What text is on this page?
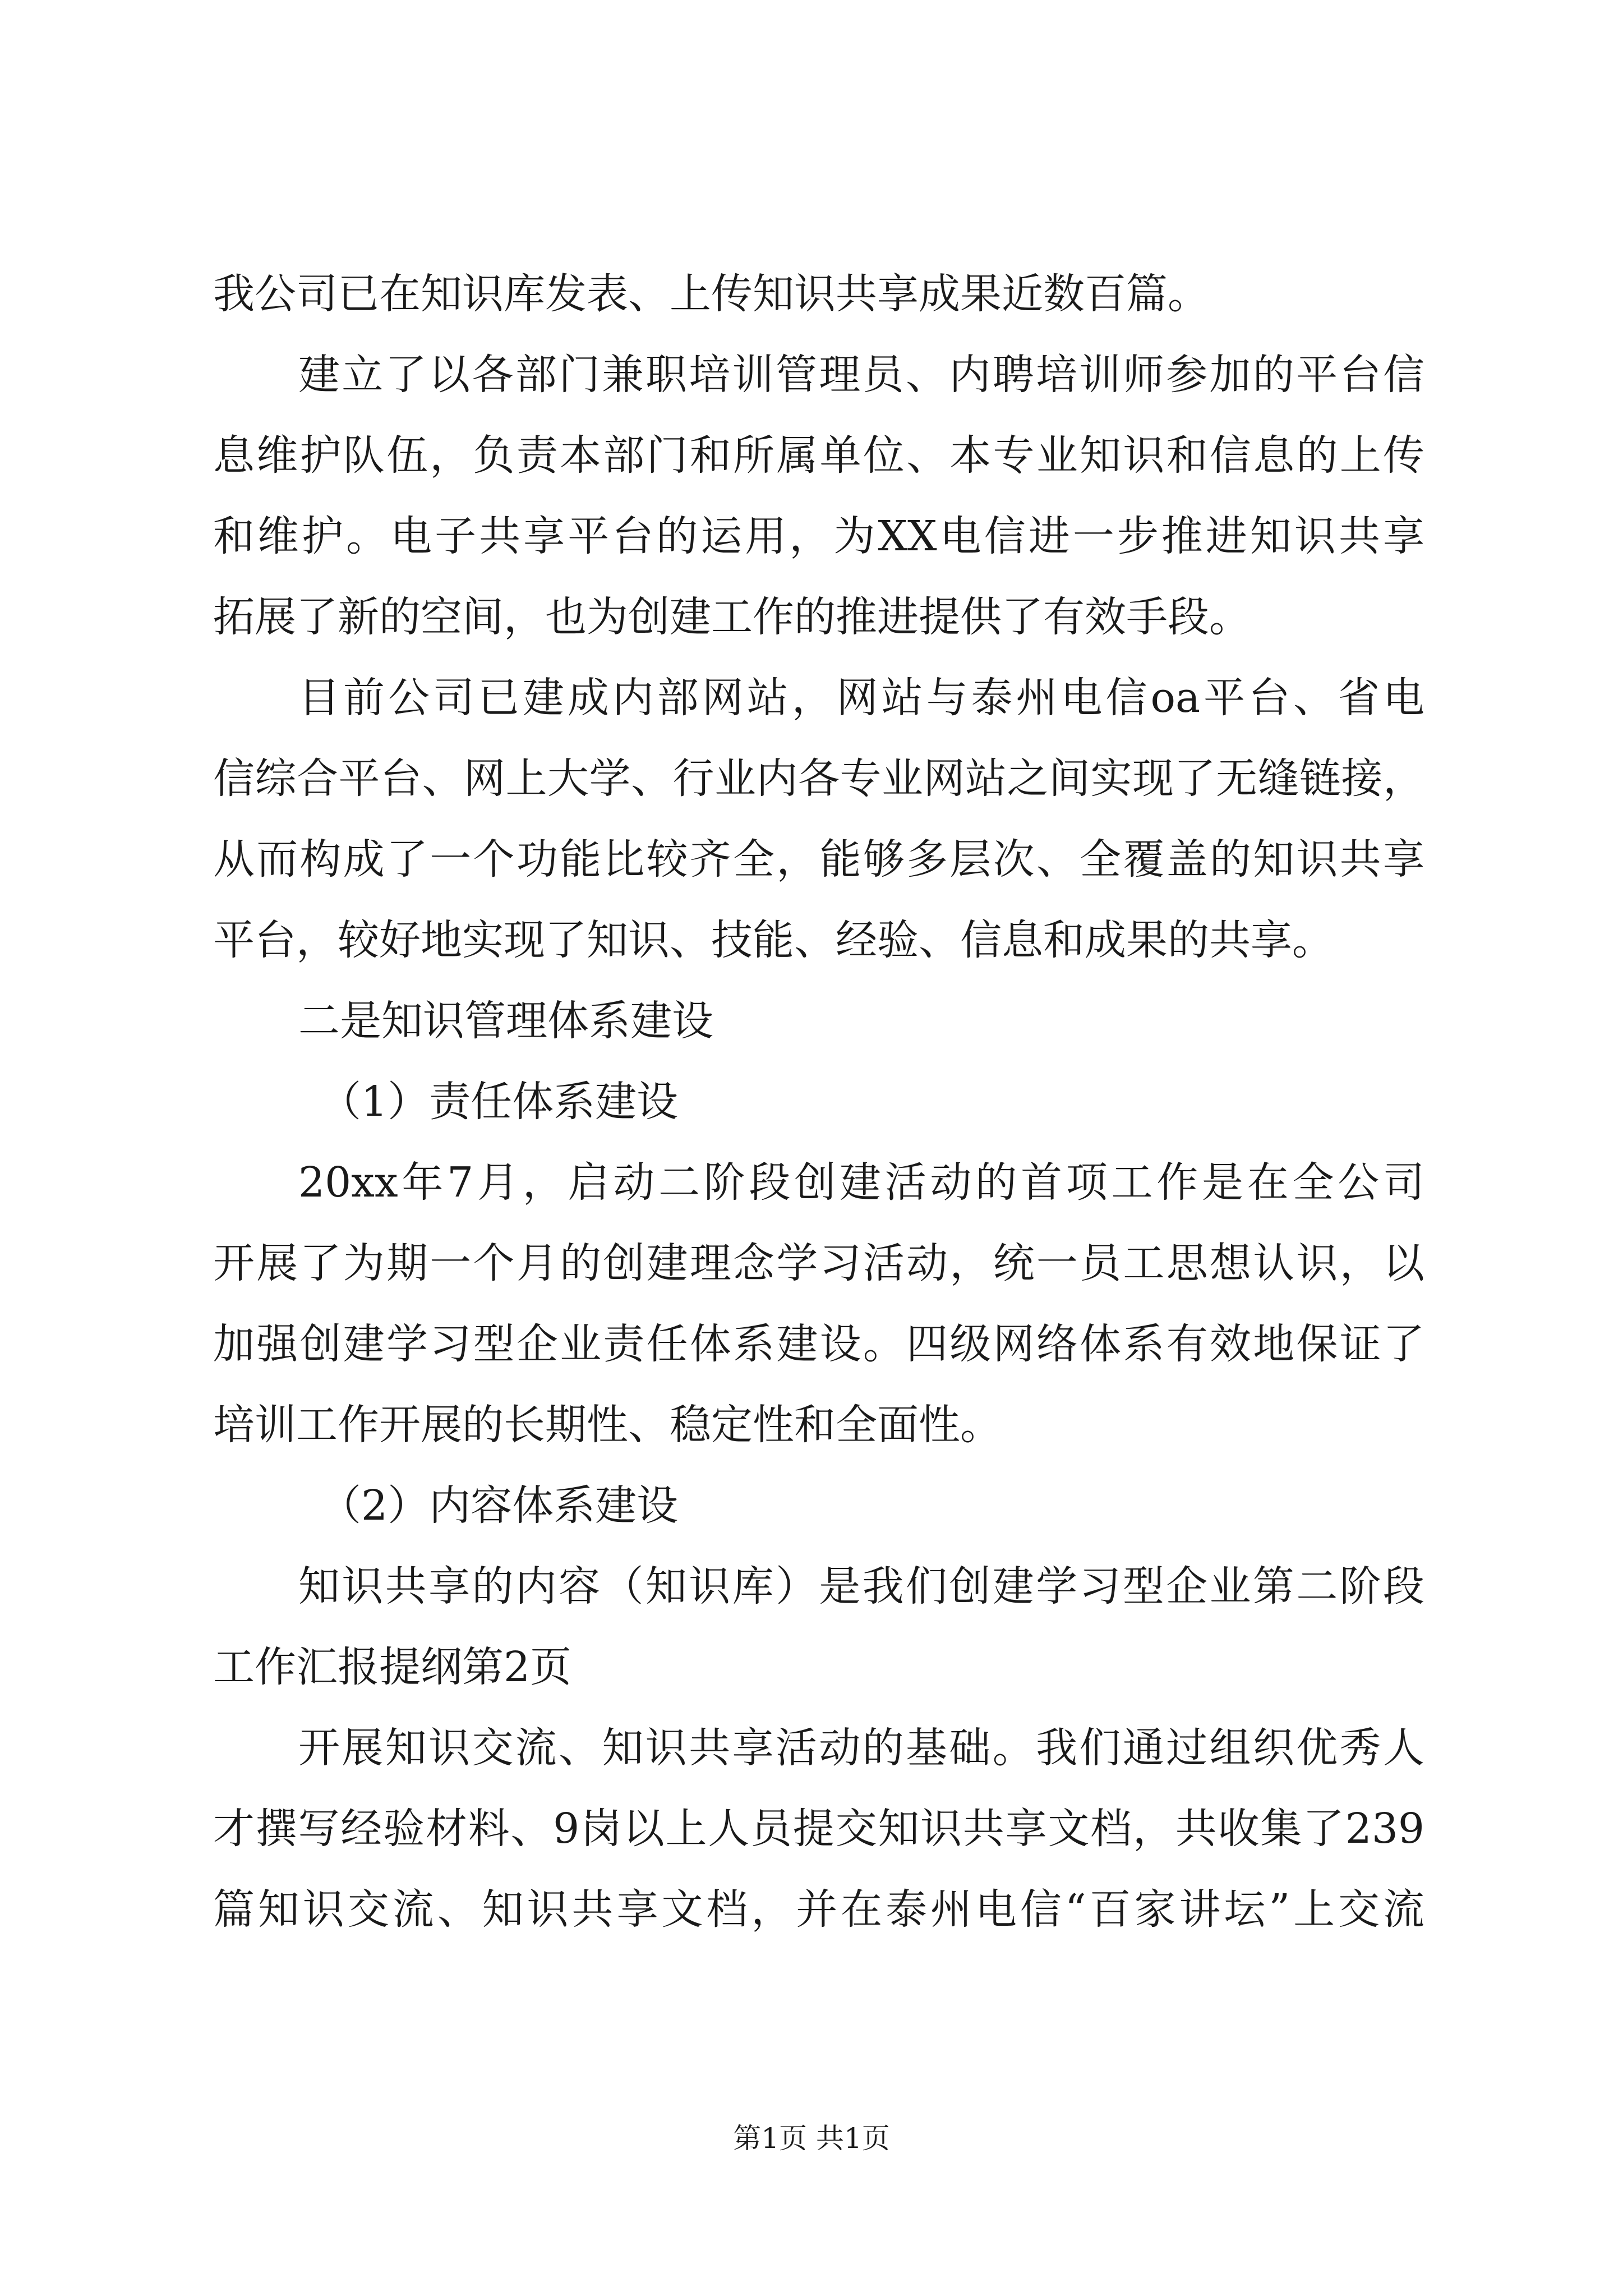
我公司已在知识库发表、上传知识共享成果近数百篇。
建立了以各部门兼职培训管理员、内聘培训师参加的平台信
息维护队伍，负责本部门和所属单位、本专业知识和信息的上传
和维护。电子共享平台的运用，为XX电信进一步推进知识共享
拓展了新的空间，也为创建工作的推进提供了有效手段。
目前公司已建成内部网站，网站与泰州电信oa平台、省电
信综合平台、网上大学、行业内各专业网站之间实现了无缝链接，
从而构成了一个功能比较齐全，能够多层次、全覆盖的知识共享
平台，较好地实现了知识、技能、经验、信息和成果的共享。
二是知识管理体系建设
（1）责任体系建设
20xx年7月，启动二阶段创建活动的首项工作是在全公司
开展了为期一个月的创建理念学习活动，统一员工思想认识，以
加强创建学习型企业责任体系建设。四级网络体系有效地保证了
培训工作开展的长期性、稳定性和全面性。
（2）内容体系建设
知识共享的内容（知识库）是我们创建学习型企业第二阶段
工作汇报提纲第2页
开展知识交流、知识共享活动的基础。我们通过组织优秀人
才撰写经验材料、9岗以上人员提交知识共享文档，共收集了239
篇知识交流、知识共享文档，并在泰州电信“百家讲坛”上交流
第1页 共1页
